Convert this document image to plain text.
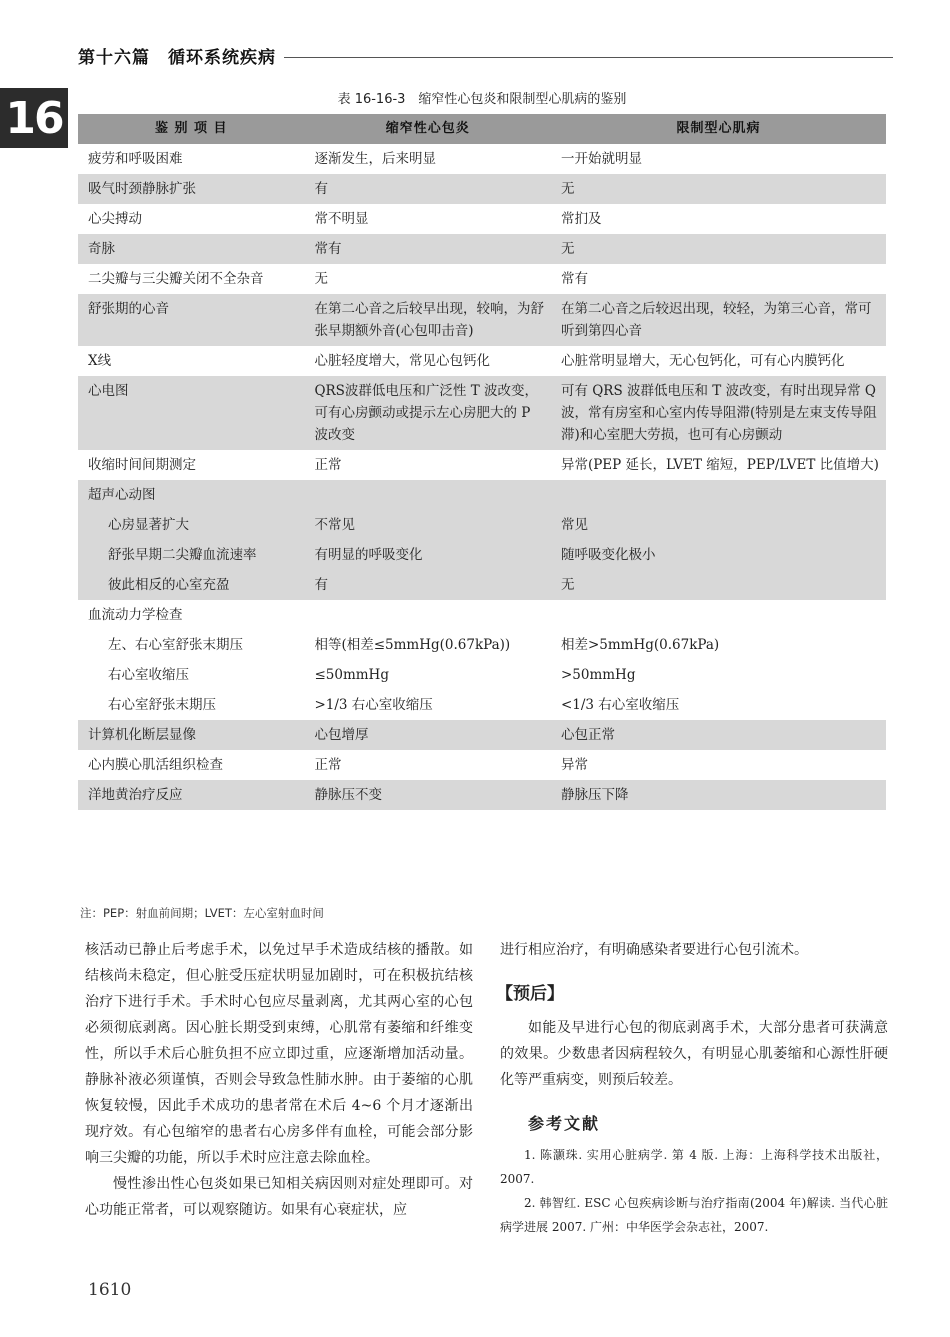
第十六篇　循环系统疾病
16	表 16-16-3　缩窄性心包炎和限制型心肌病的鉴别
鉴 别 项 目	缩窄性心包炎	限制型心肌病
疲劳和呼吸困难	逐渐发生，后来明显	一开始就明显
吸气时颈静脉扩张	有	无
心尖搏动	常不明显	常扪及
奇脉	常有	无
二尖瓣与三尖瓣关闭不全杂音	无	常有
舒张期的心音	在第二心音之后较早出现，较响，为舒张早期额外音(心包叩击音)	在第二心音之后较迟出现，较轻，为第三心音，常可听到第四心音
X线	心脏轻度增大，常见心包钙化	心脏常明显增大，无心包钙化，可有心内膜钙化
心电图	QRS波群低电压和广泛性 T 波改变，可有心房颤动或提示左心房肥大的 P 波改变	可有 QRS 波群低电压和 T 波改变，有时出现异常 Q 波，常有房室和心室内传导阻滞(特别是左束支传导阻滞)和心室肥大劳损，也可有心房颤动
收缩时间间期测定	正常	异常(PEP 延长，LVET 缩短，PEP/LVET 比值增大)
超声心动图		
心房显著扩大	不常见	常见
舒张早期二尖瓣血流速率	有明显的呼吸变化	随呼吸变化极小
彼此相反的心室充盈	有	无
血流动力学检查		
左、右心室舒张末期压	相等(相差≤5mmHg(0.67kPa))	相差>5mmHg(0.67kPa)
右心室收缩压	≤50mmHg	>50mmHg
右心室舒张末期压	>1/3 右心室收缩压	<1/3 右心室收缩压
计算机化断层显像	心包增厚	心包正常
心内膜心肌活组织检查	正常	异常
洋地黄治疗反应	静脉压不变	静脉压下降
注：PEP：射血前间期；LVET：左心室射血时间

核活动已静止后考虑手术，以免过早手术造成结核的播散。如结核尚未稳定，但心脏受压症状明显加剧时，可在积极抗结核治疗下进行手术。手术时心包应尽量剥离，尤其两心室的心包必须彻底剥离。因心脏长期受到束缚，心肌常有萎缩和纤维变性，所以手术后心脏负担不应立即过重，应逐渐增加活动量。静脉补液必须谨慎，否则会导致急性肺水肿。由于萎缩的心肌恢复较慢，因此手术成功的患者常在术后 4~6 个月才逐渐出现疗效。有心包缩窄的患者右心房多伴有血栓，可能会部分影响三尖瓣的功能，所以手术时应注意去除血栓。

慢性渗出性心包炎如果已知相关病因则对症处理即可。对心功能正常者，可以观察随访。如果有心衰症状，应

进行相应治疗，有明确感染者要进行心包引流术。

【预后】

如能及早进行心包的彻底剥离手术，大部分患者可获满意的效果。少数患者因病程较久，有明显心肌萎缩和心源性肝硬化等严重病变，则预后较差。

参考文献

1. 陈灏珠. 实用心脏病学. 第 4 版. 上海：上海科学技术出版社，2007.

2. 韩智红. ESC 心包疾病诊断与治疗指南(2004 年)解读. 当代心脏病学进展 2007. 广州：中华医学会杂志社，2007.

1610
